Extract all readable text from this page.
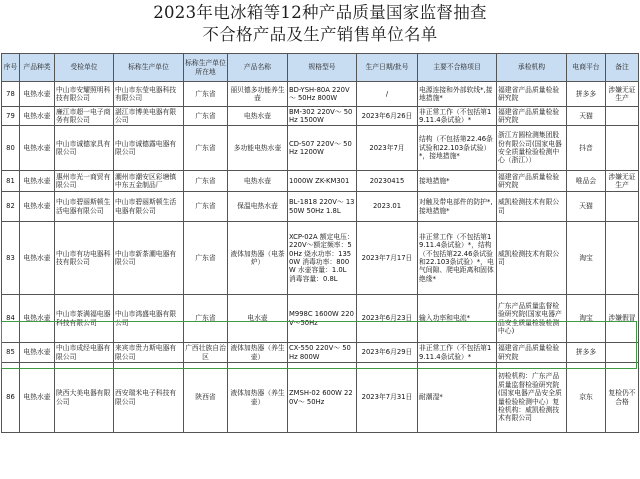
2023年电冰箱等12种产品质量国家监督抽查
不合格产品及生产销售单位名单
序号	产品种类	受检单位	标称生产单位	标称生产单位所在地	产品名称	规格型号	生产日期/批号	主要不合格项目	承检机构	电商平台	备注
78	电热水壶	中山市安耀照明科技有限公司	中山市东莹电器科技有限公司	广东省	丽贝德多功能养生壶	BD-YSH-80A 220V～ 50Hz 800W	/	电源连接和外部软线*,接地措施*	福建省产品质量检验研究院	拼多多	涉嫌无证生产
79	电热水壶	廉江市超一电子商务有限公司	湛江市博美电器有限公司	广东省	电热水壶	BM-302 220V～ 50Hz 1500W	2023年6月26日	非正常工作（不包括第19.11.4条试验）*	福建省产品质量检验研究院	天猫	
80	电热水壶	中山市诚德家具有限公司	中山市诚德露电器有限公司	广东省	多功能电热水壶	CD-S07 220V～ 50Hz 1200W	2023年7月	结构（不包括第22.46条试验和22.103条试验）*，接地措施*	浙江方圆检测集团股份有限公司(国家电器安全质量检验检测中心（浙江））	抖音	
81	电热水壶	惠州市光一商贸有限公司	潮州市潮安区彩塘镇中东五金制品厂	广东省	电热水壶	1000W ZK-KM301	20230415	接地措施*	福建省产品质量检验研究院	唯品会	涉嫌无证生产
82	电热水壶	中山市碧丽斯顿生活电器有限公司	中山市碧丽斯顿生活电器有限公司	广东省	保温电热水壶	BL-1818 220V～ 1350W 50Hz 1.8L	2023.01	对触及带电部件的防护*,接地措施*	威凯检测技术有限公司	天猫	
83	电热水壶	中山市有功电器科技有限公司	中山市新茶潮电器有限公司	广东省	液体加热器（电茶炉）	XCP-02A 额定电压：220V～额定频率：50Hz 烧水功率：1350W 消毒功率：800W 水壶容量：1.0L 消毒容量：0.8L	2023年7月17日	非正常工作（不包括第19.11.4条试验）*，结构（不包括第22.46条试验和22.103条试验）*，电气间隙、爬电距离和固体绝缘*	威凯检测技术有限公司	淘宝	
84	电热水壶	中山市茶满福电器科技有限公司	中山市鸿盛电器有限公司	广东省	电水壶	M998C 1600W 220V～50Hz	2023年6月23日	输入功率和电流*	广东产品质量监督检验研究院(国家电器产品安全质量检验检测中心)	淘宝	涉嫌假冒
85	电热水壶	中山市成经电器有限公司	来宾市贵力斯电器有限公司	广西壮族自治区	液体加热器（养生壶）	CX-550 220V～ 50Hz 800W	2023年6月29日	非正常工作（不包括第19.11.4条试验）*	福建省产品质量检验研究院	拼多多	
86	电热水壶	陕西大美电器有限公司	西安瑞米电子科技有限公司	陕西省	液体加热器（养生壶）	ZMSH-02 600W 220V～ 50Hz	2023年7月31日	耐潮湿*	初检机构：广东产品质量监督检验研究院(国家电器产品安全质量检验检测中心）复检机构：威凯检测技术有限公司	京东	复检仍不合格
